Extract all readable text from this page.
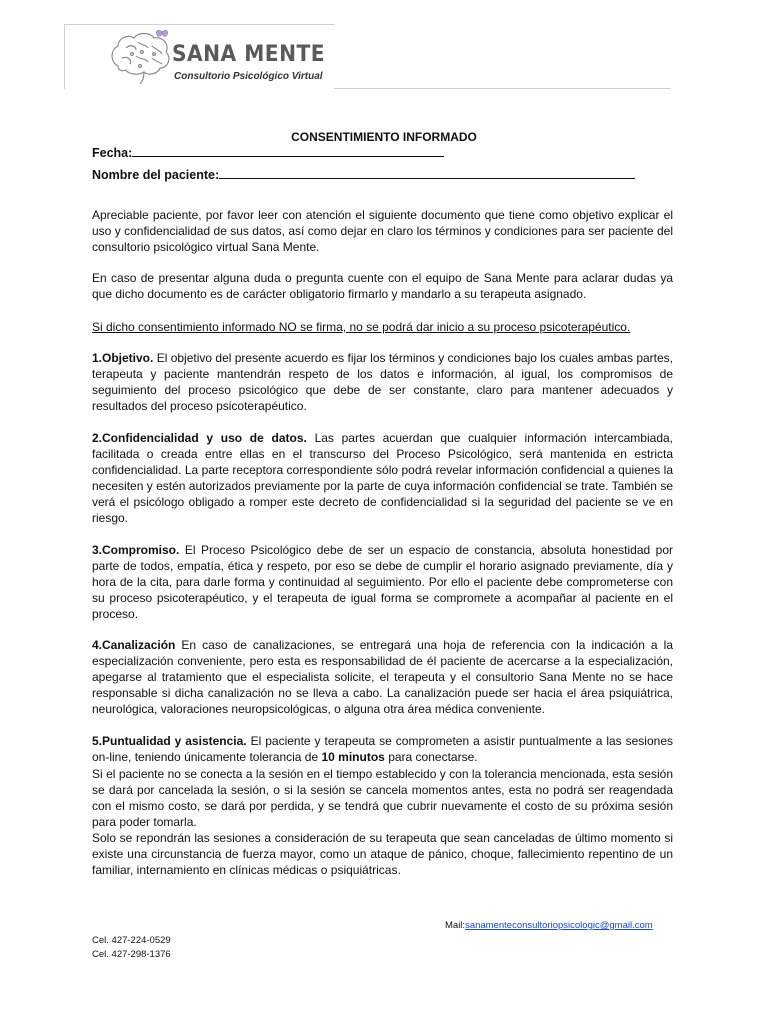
SANA MENTE
Consultorio Psicológico Virtual
CONSENTIMIENTO INFORMADO
Fecha:
Nombre del paciente:
Apreciable paciente, por favor leer con atención el siguiente documento que tiene como objetivo explicar el uso y confidencialidad de sus datos, así como dejar en claro los términos y condiciones para ser paciente del consultorio psicológico virtual Sana Mente.
En caso de presentar alguna duda o pregunta cuente con el equipo de Sana Mente para aclarar dudas ya que dicho documento es de carácter obligatorio firmarlo y mandarlo a su terapeuta asignado.
Si dicho consentimiento informado NO se firma, no se podrá dar inicio a su proceso psicoterapéutico.
1.Objetivo. El objetivo del presente acuerdo es fijar los términos y condiciones bajo los cuales ambas partes, terapeuta y paciente mantendrán respeto de los datos e información, al igual, los compromisos de seguimiento del proceso psicológico que debe de ser constante, claro para mantener adecuados y resultados del proceso psicoterapéutico.
2.Confidencialidad y uso de datos. Las partes acuerdan que cualquier información intercambiada, facilitada o creada entre ellas en el transcurso del Proceso Psicológico, será mantenida en estricta confidencialidad. La parte receptora correspondiente sólo podrá revelar información confidencial a quienes la necesiten y estén autorizados previamente por la parte de cuya información confidencial se trate. También se verá el psicólogo obligado a romper este decreto de confidencialidad si la seguridad del paciente se ve en riesgo.
3.Compromiso. El Proceso Psicológico debe de ser un espacio de constancia, absoluta honestidad por parte de todos, empatía, ética y respeto, por eso se debe de cumplir el horario asignado previamente, día y hora de la cita, para darle forma y continuidad al seguimiento. Por ello el paciente debe comprometerse con su proceso psicoterapéutico, y el terapeuta de igual forma se compromete a acompañar al paciente en el proceso.
4.Canalización En caso de canalizaciones, se entregará una hoja de referencia con la indicación a la especialización conveniente, pero esta es responsabilidad de él paciente de acercarse a la especialización, apegarse al tratamiento que el especialista solicite, el terapeuta y el consultorio Sana Mente no se hace responsable si dicha canalización no se lleva a cabo. La canalización puede ser hacia el área psiquiátrica, neurológica, valoraciones neuropsicológicas, o alguna otra área médica conveniente.
5.Puntualidad y asistencia. El paciente y terapeuta se comprometen a asistir puntualmente a las sesiones on-line, teniendo únicamente tolerancia de 10 minutos para conectarse.
Si el paciente no se conecta a la sesión en el tiempo establecido y con la tolerancia mencionada, esta sesión se dará por cancelada la sesión, o si la sesión se cancela momentos antes, esta no podrá ser reagendada con el mismo costo, se dará por perdida, y se tendrá que cubrir nuevamente el costo de su próxima sesión para poder tomarla.
Solo se repondrán las sesiones a consideración de su terapeuta que sean canceladas de último momento si existe una circunstancia de fuerza mayor, como un ataque de pánico, choque, fallecimiento repentino de un familiar, internamiento en clínicas médicas o psiquiátricas.
Mail:sanamenteconsultoriopsicologic@gmail.com
Cel. 427-224-0529
Cel. 427-298-1376
